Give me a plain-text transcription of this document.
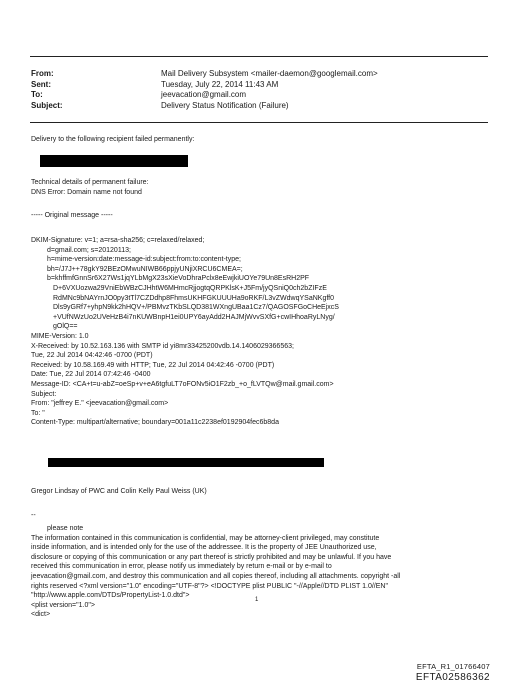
From:	Mail Delivery Subsystem <mailer-daemon@googlemail.com>
Sent:	Tuesday, July 22, 2014 11:43 AM
To:	jeevacation@gmail.com
Subject:	Delivery Status Notification (Failure)
Delivery to the following recipient failed permanently:
Technical details of permanent failure:
DNS Error: Domain name not found
----- Original message -----
DKIM-Signature: v=1; a=rsa-sha256; c=relaxed/relaxed;
d=gmail.com; s=20120113;
h=mime-version:date:message-id:subject:from:to:content-type;
bh=/J7J++78gkY92BEzOMwuNIWB66ppjyUNjiXRCU6CMEA=;
b=khffmfGnnSr6X27Ws1jqYLbMgX23sXieVoDhraPclx8eEwjkiUOYe79Un8EsRH2PF
D+6VXUozwa29VniEbWBzCJHhtW6MHmcRjjogtqQRPKlsK+J5Fm/jyQSniQ0ch2bZIFzE
RdMNc9bNAYrnJO0py3tTl7CZDdhp8FhmsUKHFGKUUUHa9oRKF/L3vZWdwqYSaNKgff0
Dls9yGRf7+yhpN9kk2hHQV+/PBMvzTKbSLQD381WXngUBaa1Cz7/QAGOSFGoCHeEjxcS
+VUfNWzUo2UVeHzB4i7nKUWBnpH1ei0UPY6ayAdd2HAJMjWvvSXfG+cwIHhoaRyLNyg/
gOlQ==
MIME-Version: 1.0
X-Received: by 10.52.163.136 with SMTP id yi8mr33425200vdb.14.1406029366563;
Tue, 22 Jul 2014 04:42:46 -0700 (PDT)
Received: by 10.58.169.49 with HTTP; Tue, 22 Jul 2014 04:42:46 -0700 (PDT)
Date: Tue, 22 Jul 2014 07:42:46 -0400
Message-ID: <CA+t=u-abZ=oeSp+v+eA6tgfuLT7oFONv5iO1F2zb_+o_fLVTQw@mail.gmail.com>
Subject:
From: "jeffrey E." <jeevacation@gmail.com>
To: "
Content-Type: multipart/alternative; boundary=001a11c2238ef0192904fec6b8da
Gregor Lindsay of PWC and Colin Kelly Paul Weiss (UK)
--
please note
The information contained in this communication is confidential, may be attorney-client privileged, may constitute
inside information, and is intended only for the use of the addressee. It is the property of JEE Unauthorized use,
disclosure or copying of this communication or any part thereof is strictly prohibited and may be unlawful. If you have
received this communication in error, please notify us immediately by return e-mail or by e-mail to
jeevacation@gmail.com, and destroy this communication and all copies thereof, including all attachments. copyright -all
rights reserved <?xml version="1.0" encoding="UTF-8"?> <!DOCTYPE plist PUBLIC "-//Apple//DTD PLIST 1.0//EN"
"http://www.apple.com/DTDs/PropertyList-1.0.dtd">
<plist version="1.0">
<dict>
1
EFTA_R1_01766407
EFTA02586362
